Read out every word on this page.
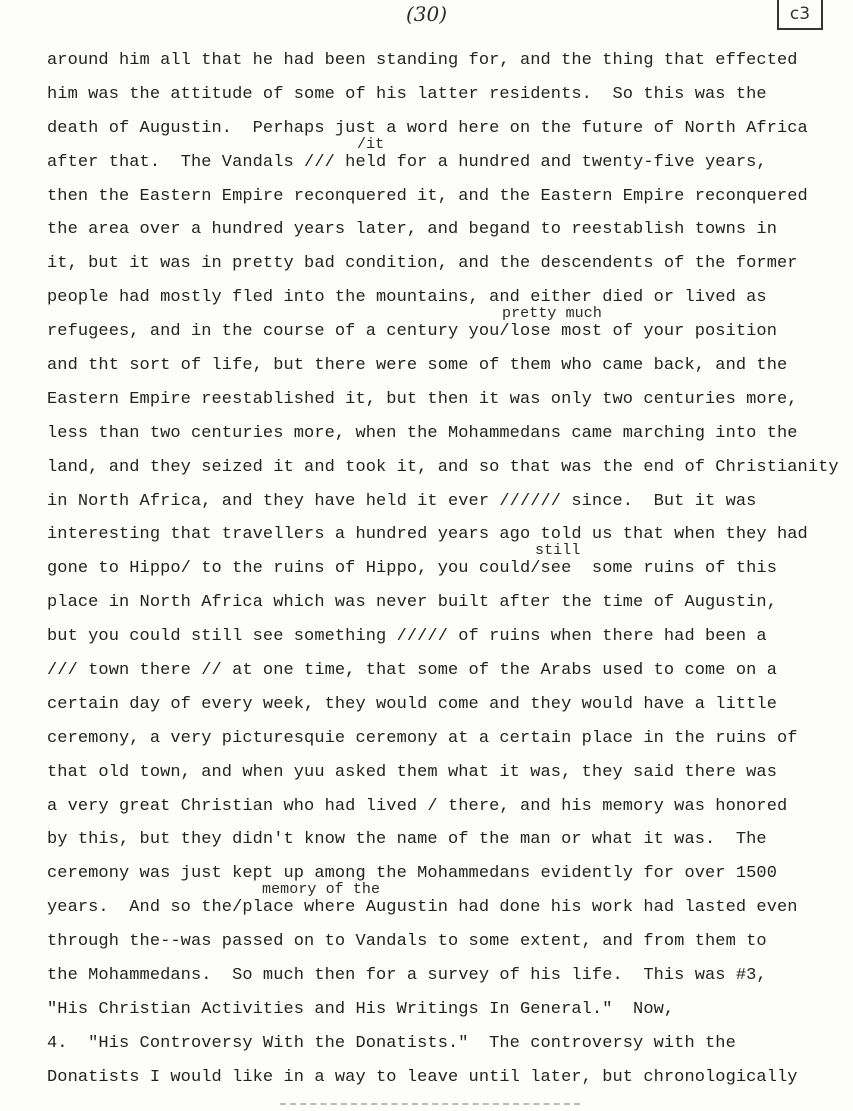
(30)	c3
around him all that he had been standing for, and the thing that effected
him was the attitude of some of his latter residents.  So this was the
death of Augustin.  Perhaps just a word here on the future of North Africa
after that.  The Vandals /// held for a hundred and twenty-five years,
/it
then the Eastern Empire reconquered it, and the Eastern Empire reconquered
the area over a hundred years later, and begand to reestablish towns in
it, but it was in pretty bad condition, and the descendents of the former
people had mostly fled into the mountains, and either died or lived as
refugees, and in the course of a century you/lose most of your position
pretty much
and tht sort of life, but there were some of them who came back, and the
Eastern Empire reestablished it, but then it was only two centuries more,
less than two centuries more, when the Mohammedans came marching into the
land, and they seized it and took it, and so that was the end of Christianity
in North Africa, and they have held it ever ////// since.  But it was
interesting that travellers a hundred years ago told us that when they had
gone to Hippo/ to the ruins of Hippo, you could/see  some ruins of this
still
place in North Africa which was never built after the time of Augustin,
but you could still see something ///// of ruins when there had been a
/// town there // at one time, that some of the Arabs used to come on a
certain day of every week, they would come and they would have a little
ceremony, a very picturesquie ceremony at a certain place in the ruins of
that old town, and when yuu asked them what it was, they said there was
a very great Christian who had lived / there, and his memory was honored
by this, but they didn't know the name of the man or what it was.  The
ceremony was just kept up among the Mohammedans evidently for over 1500
years.  And so the/place where Augustin had done his work had lasted even
memory of the
through the--was passed on to Vandals to some extent, and from them to
the Mohammedans.  So much then for a survey of his life.  This was #3,
"His Christian Activities and His Writings In General."  Now,
4.  "His Controversy With the Donatists."  The controversy with the
Donatists I would like in a way to leave until later, but chronologically
